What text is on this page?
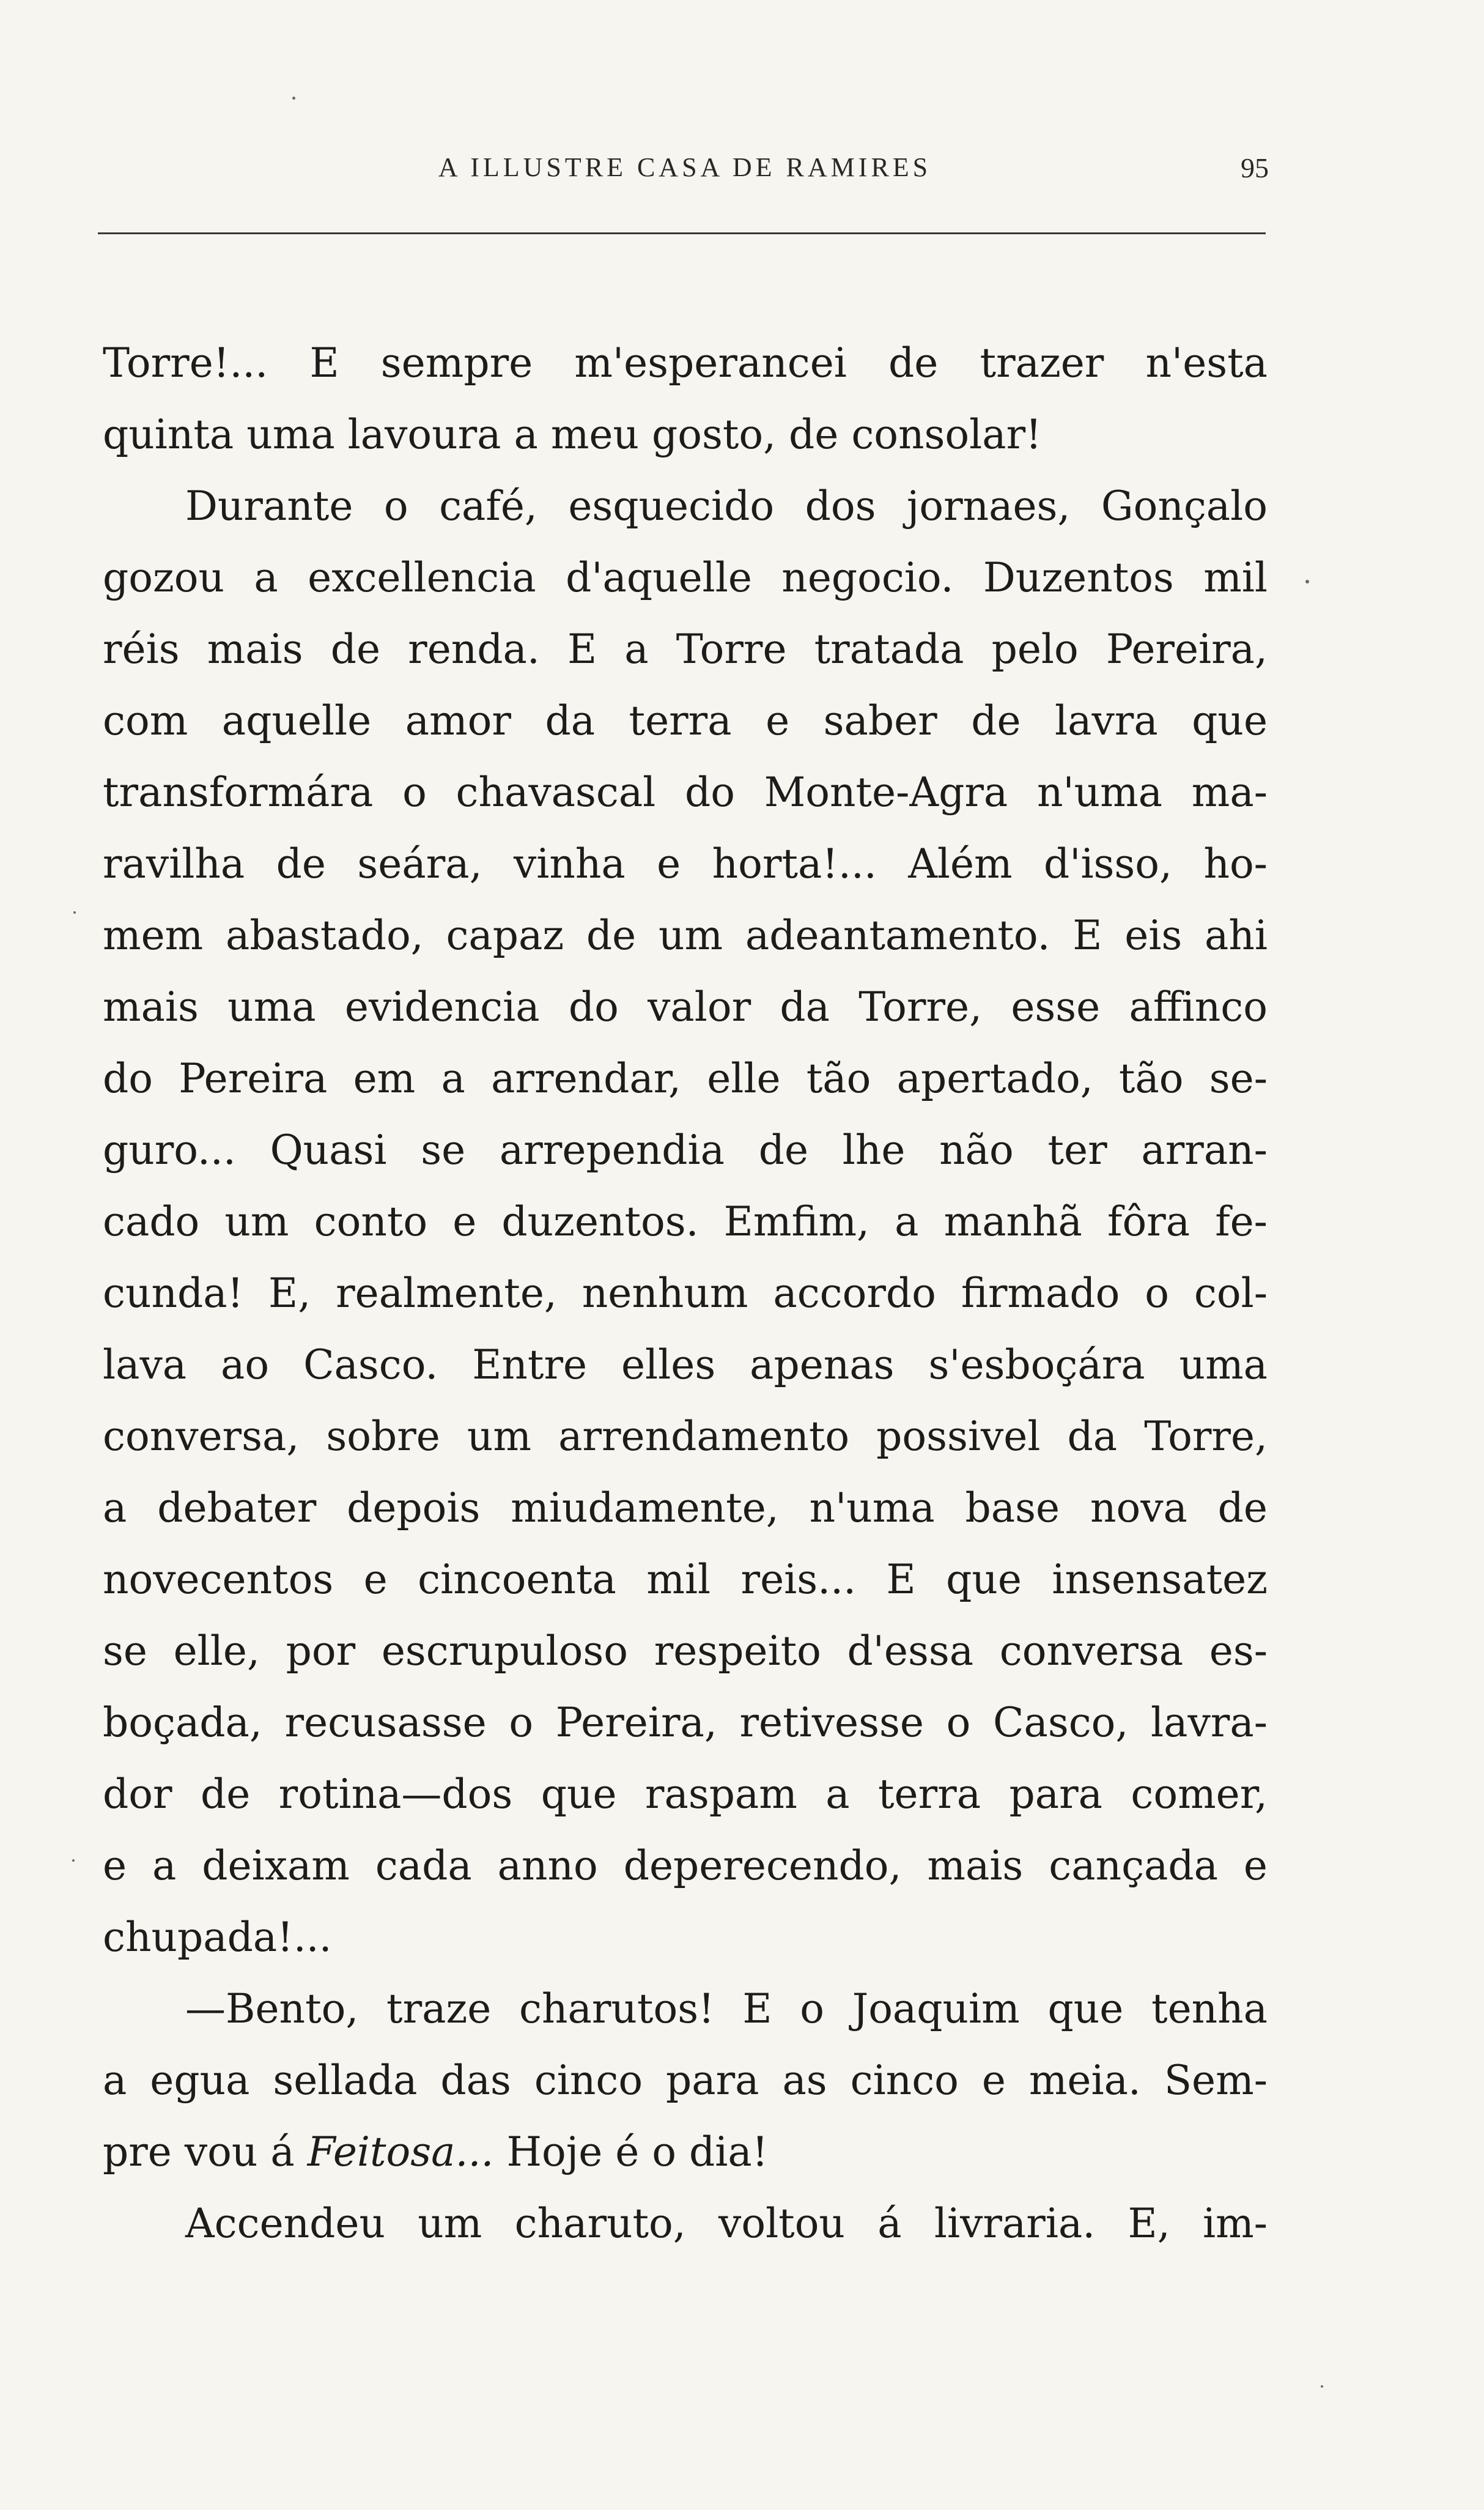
A ILLUSTRE CASA DE RAMIRES	95
Torre!... E sempre m'esperancei de trazer n'esta
quinta uma lavoura a meu gosto, de consolar!
Durante o café, esquecido dos jornaes, Gonçalo
gozou a excellencia d'aquelle negocio. Duzentos mil
réis mais de renda. E a Torre tratada pelo Pereira,
com aquelle amor da terra e saber de lavra que
transformára o chavascal do Monte-Agra n'uma ma-
ravilha de seára, vinha e horta!... Além d'isso, ho-
mem abastado, capaz de um adeantamento. E eis ahi
mais uma evidencia do valor da Torre, esse affinco
do Pereira em a arrendar, elle tão apertado, tão se-
guro... Quasi se arrependia de lhe não ter arran-
cado um conto e duzentos. Emfim, a manhã fôra fe-
cunda! E, realmente, nenhum accordo firmado o col-
lava ao Casco. Entre elles apenas s'esboçára uma
conversa, sobre um arrendamento possivel da Torre,
a debater depois miudamente, n'uma base nova de
novecentos e cincoenta mil reis... E que insensatez
se elle, por escrupuloso respeito d'essa conversa es-
boçada, recusasse o Pereira, retivesse o Casco, lavra-
dor de rotina—dos que raspam a terra para comer,
e a deixam cada anno deperecendo, mais cançada e
chupada!...
—Bento, traze charutos! E o Joaquim que tenha
a egua sellada das cinco para as cinco e meia. Sem-
pre vou á Feitosa... Hoje é o dia!
Accendeu um charuto, voltou á livraria. E, im-
